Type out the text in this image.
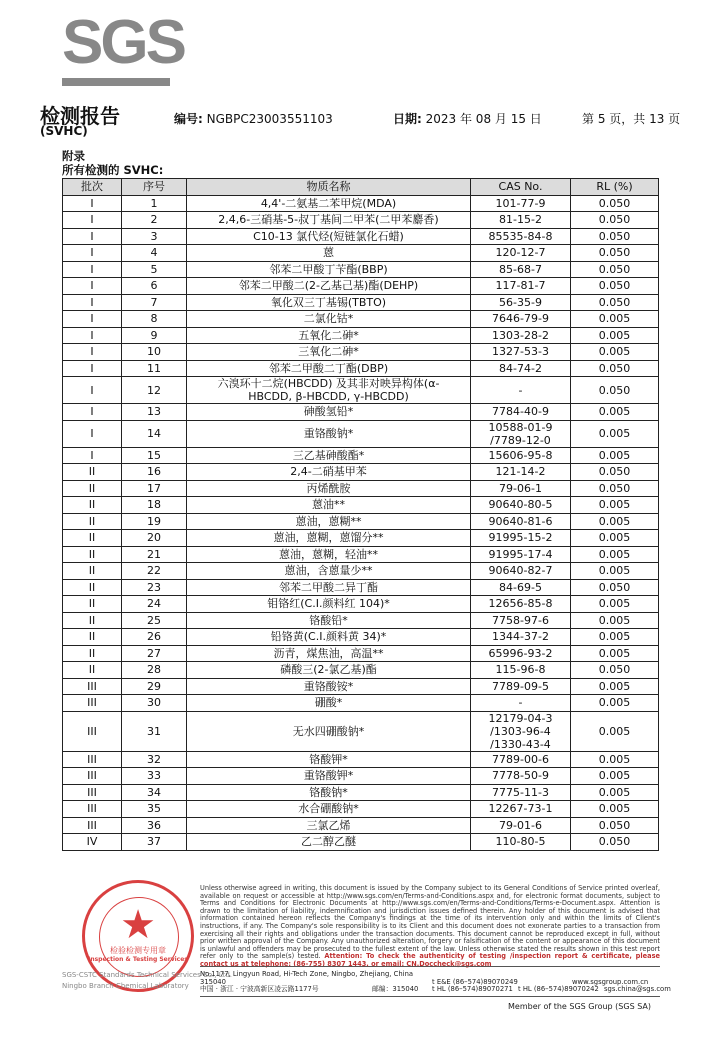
SGS
检测报告
(SVHC)
编号: NGBPC23003551103	日期: 2023 年 08 月 15 日	第 5 页，共 13 页
附录
所有检测的 SVHC:
批次	序号	物质名称	CAS No.	RL (%)
I	1	4,4'-二氨基二苯甲烷(MDA)	101-77-9	0.050
I	2	2,4,6-三硝基-5-叔丁基间二甲苯(二甲苯麝香)	81-15-2	0.050
I	3	C10-13 氯代烃(短链氯化石蜡)	85535-84-8	0.050
I	4	蒽	120-12-7	0.050
I	5	邻苯二甲酸丁苄酯(BBP)	85-68-7	0.050
I	6	邻苯二甲酸二(2-乙基己基)酯(DEHP)	117-81-7	0.050
I	7	氧化双三丁基锡(TBTO)	56-35-9	0.050
I	8	二氯化钴*	7646-79-9	0.005
I	9	五氧化二砷*	1303-28-2	0.005
I	10	三氧化二砷*	1327-53-3	0.005
I	11	邻苯二甲酸二丁酯(DBP)	84-74-2	0.050
I	12	六溴环十二烷(HBCDD) 及其非对映异构体(α-
HBCDD, β-HBCDD, γ-HBCDD)	-	0.050
I	13	砷酸氢铅*	7784-40-9	0.005
I	14	重铬酸钠*	10588-01-9
/7789-12-0	0.005
I	15	三乙基砷酸酯*	15606-95-8	0.005
II	16	2,4-二硝基甲苯	121-14-2	0.050
II	17	丙烯酰胺	79-06-1	0.050
II	18	蒽油**	90640-80-5	0.005
II	19	蒽油，蒽糊**	90640-81-6	0.005
II	20	蒽油，蒽糊，蒽馏分**	91995-15-2	0.005
II	21	蒽油，蒽糊，轻油**	91995-17-4	0.005
II	22	蒽油，含蒽量少**	90640-82-7	0.005
II	23	邻苯二甲酸二异丁酯	84-69-5	0.050
II	24	钼铬红(C.I.颜料红 104)*	12656-85-8	0.005
II	25	铬酸铅*	7758-97-6	0.005
II	26	铅铬黄(C.I.颜料黄 34)*	1344-37-2	0.005
II	27	沥青，煤焦油，高温**	65996-93-2	0.005
II	28	磷酸三(2-氯乙基)酯	115-96-8	0.050
III	29	重铬酸铵*	7789-09-5	0.005
III	30	硼酸*	-	0.005
III	31	无水四硼酸钠*	12179-04-3
/1303-96-4
/1330-43-4	0.005
III	32	铬酸钾*	7789-00-6	0.005
III	33	重铬酸钾*	7778-50-9	0.005
III	34	铬酸钠*	7775-11-3	0.005
III	35	水合硼酸钠*	12267-73-1	0.005
III	36	三氯乙烯	79-01-6	0.050
IV	37	乙二醇乙醚	110-80-5	0.050
★
检验检测专用章
Inspection & Testing Services
SGS-CSTC Standards Technical Services Co., Ltd.
Ningbo Branch Chemical Laboratory
Unless otherwise agreed in writing, this document is issued by the Company subject to its General Conditions of Service printed overleaf, available on request or accessible at http://www.sgs.com/en/Terms-and-Conditions.aspx and, for electronic format documents, subject to Terms and Conditions for Electronic Documents at http://www.sgs.com/en/Terms-and-Conditions/Terms-e-Document.aspx. Attention is drawn to the limitation of liability, indemnification and jurisdiction issues defined therein. Any holder of this document is advised that information contained hereon reflects the Company's findings at the time of its intervention only and within the limits of Client's instructions, if any. The Company's sole responsibility is to its Client and this document does not exonerate parties to a transaction from exercising all their rights and obligations under the transaction documents. This document cannot be reproduced except in full, without prior written approval of the Company. Any unauthorized alteration, forgery or falsification of the content or appearance of this document is unlawful and offenders may be prosecuted to the fullest extent of the law. Unless otherwise stated the results shown in this test report refer only to the sample(s) tested. Attention: To check the authenticity of testing /inspection report & certificate, please contact us at telephone: (86-755) 8307 1443, or email: CN.Doccheck@sgs.com
No.1177, Lingyun Road, Hi-Tech Zone, Ningbo, Zhejiang, China 315040	t E&E (86–574)89070249	www.sgsgroup.com.cn
中国 · 浙江 · 宁波高新区凌云路1177号	邮编：315040 t HL (86–574)89070271 t HL (86–574)89070242 sgs.china@sgs.com
Member of the SGS Group (SGS SA)
